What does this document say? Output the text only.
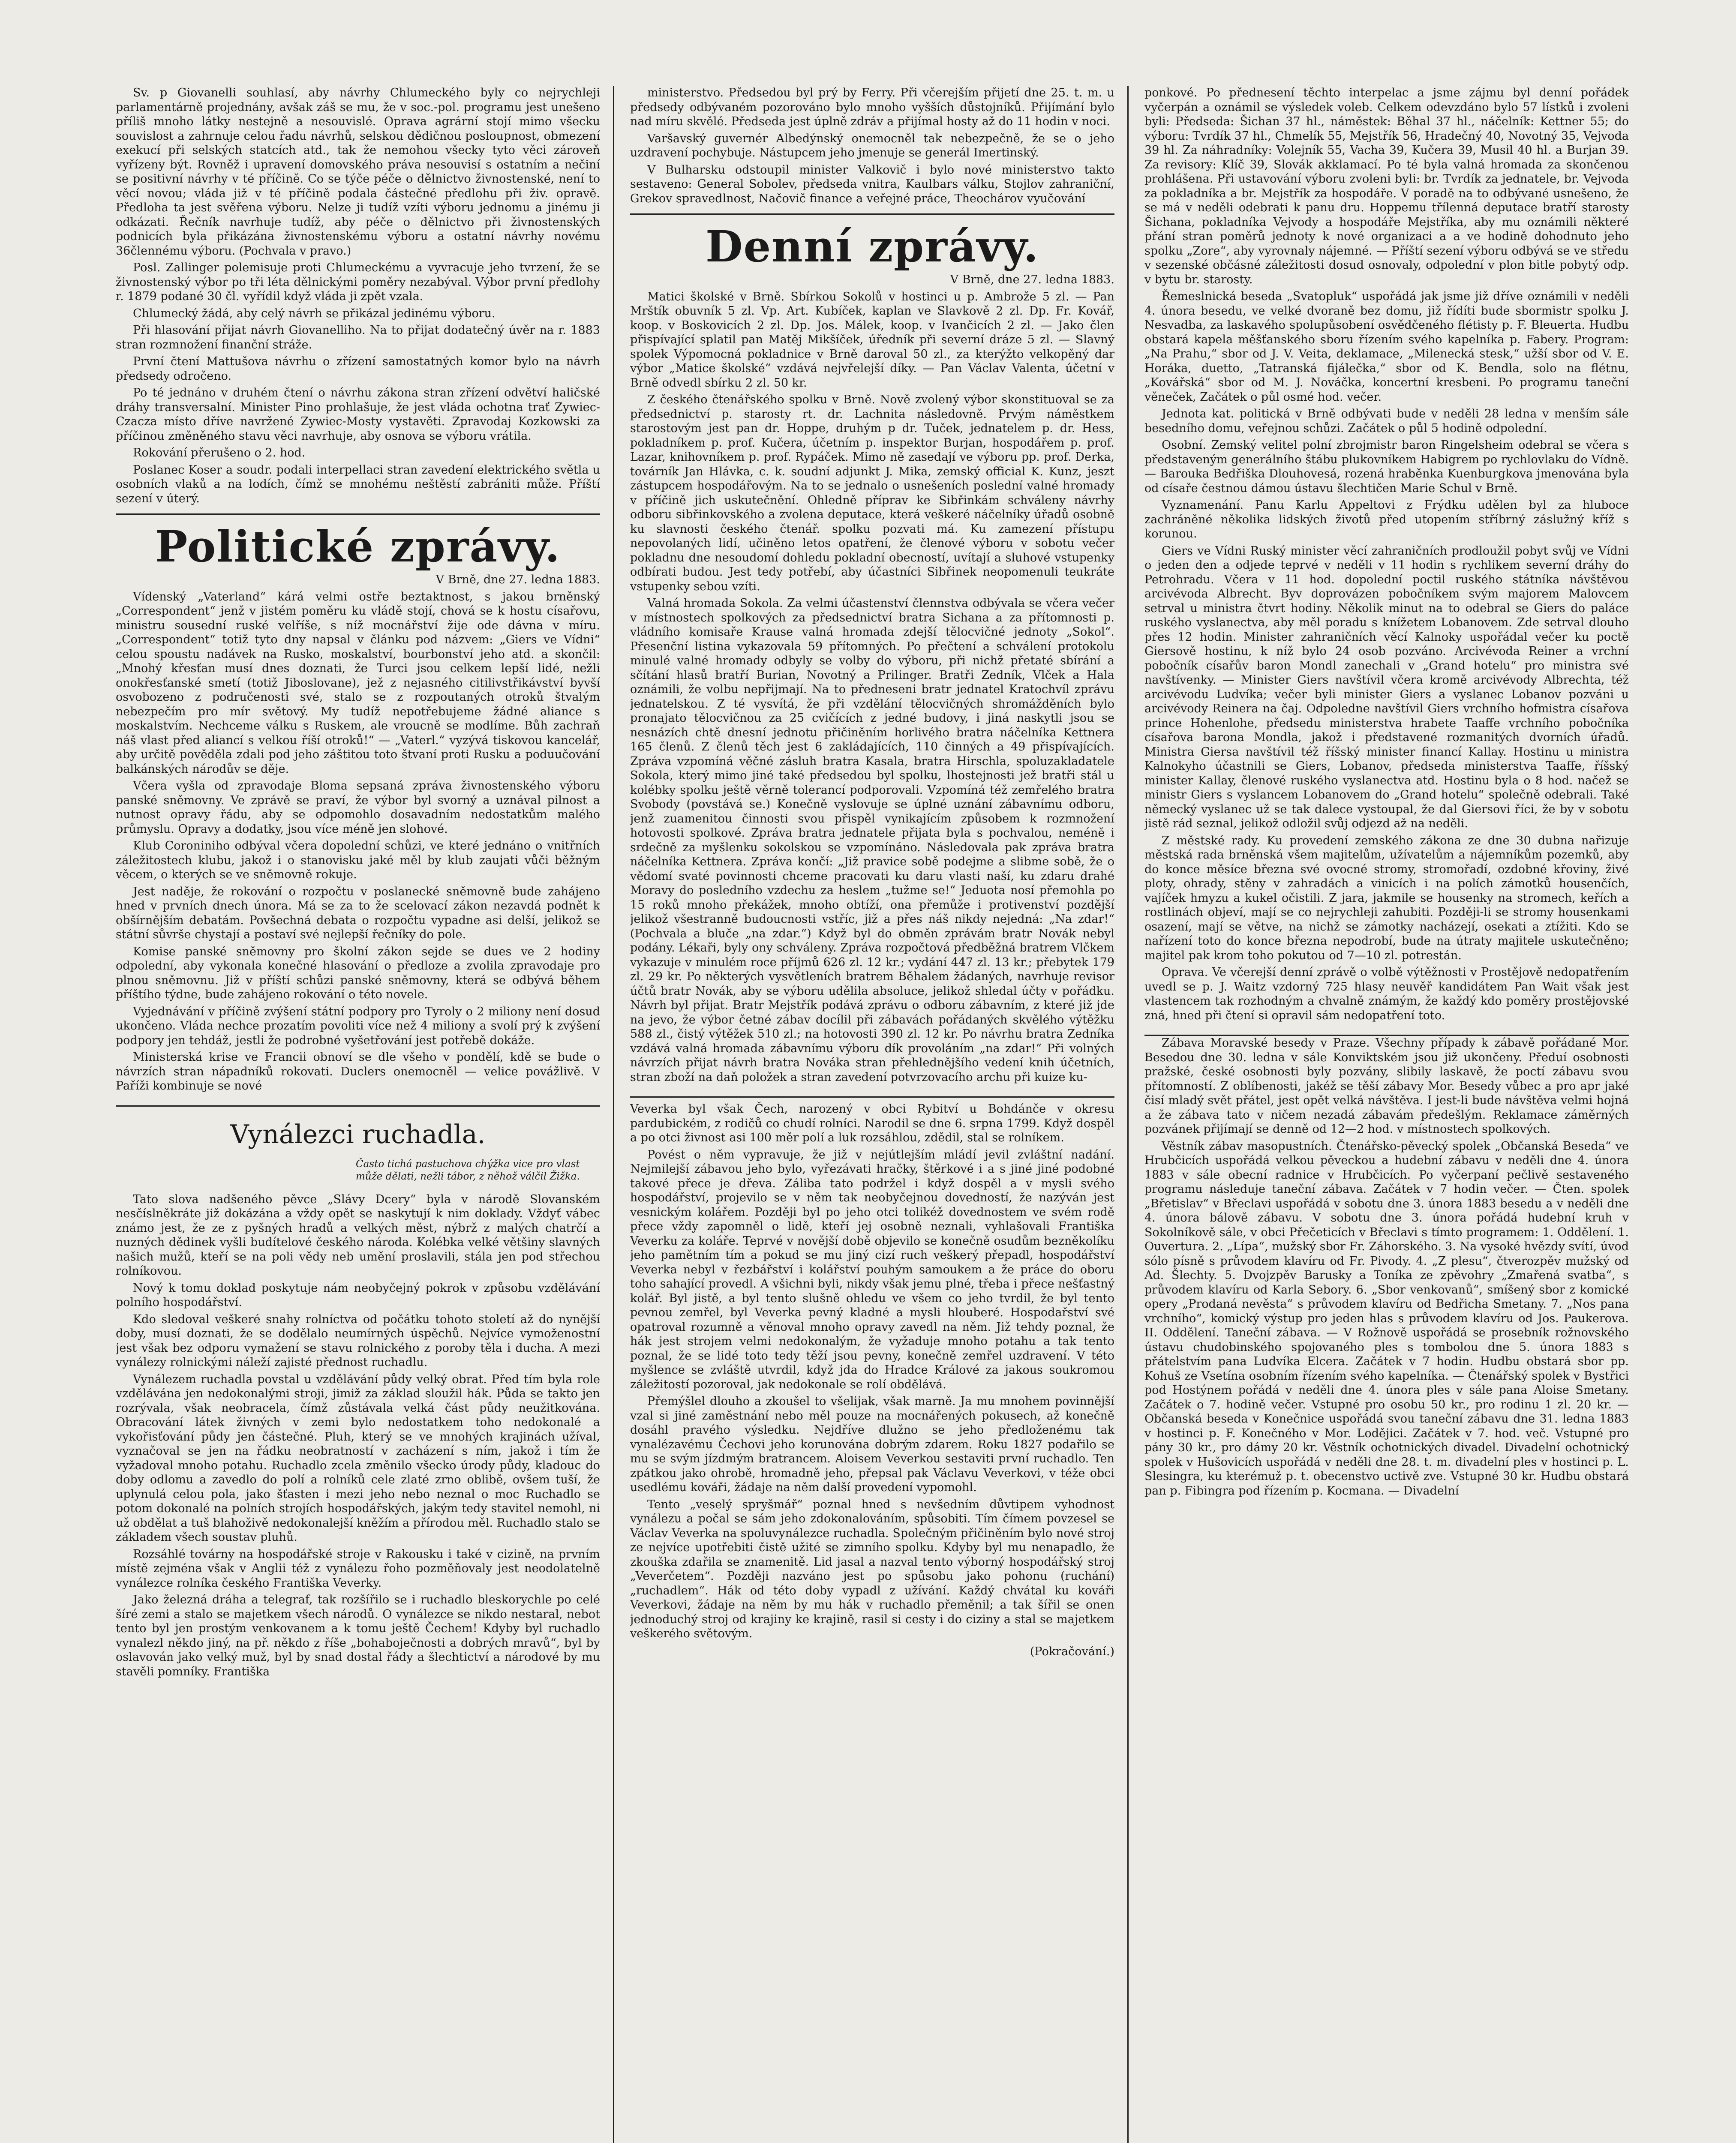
Sv. p Giovanelli souhlasí, aby návrhy Chlumeckého byly co nejrychleji parlamentárně projednány, avšak záš se mu, že v soc.-pol. programu jest unešeno příliš mnoho látky nestejně a nesouvislé. Oprava agrární stojí mimo všecku souvislost a zahrnuje celou řadu návrhů, selskou dědičnou posloupnost, obmezení exekucí při selských statcích atd., tak že nemohou všecky tyto věci zároveň vyřízeny být. Rovněž i upravení domovského práva nesouvisí s ostatním a nečiní se positivní návrhy v té příčině. Co se týče péče o dělnictvo živnostenské, není to věcí novou; vláda již v té příčině podala částečné předlohu při živ. opravě. Předloha ta jest svěřena výboru. Nelze ji tudíž vzíti výboru jednomu a jinému ji odkázati. Řečník navrhuje tudíž, aby péče o dělnictvo při živnostenských podnicích byla přikázána živnostenskému výboru a ostatní návrhy novému 36člennému výboru. (Pochvala v pravo.)

Posl. Zallinger polemisuje proti Chlumeckému a vyvracuje jeho tvrzení, že se živnostenský výbor po tři léta dělnickými poměry nezabýval. Výbor první předlohy r. 1879 podané 30 čl. vyřídil když vláda ji zpět vzala.

Chlumecký žádá, aby celý návrh se přikázal jedinému výboru.

Při hlasování přijat návrh Giovanelliho. Na to přijat dodatečný úvěr na r. 1883 stran rozmnožení finanční stráže.

První čtení Mattušova návrhu o zřízení samostatných komor bylo na návrh předsedy odročeno.

Po té jednáno v druhém čtení o návrhu zákona stran zřízení odvětví haličské dráhy transversalní. Minister Pino prohlašuje, že jest vláda ochotna trať Zywiec-Czacza místo dříve navržené Zywiec-Mosty vystavěti. Zpravodaj Kozkowski za příčinou změněného stavu věci navrhuje, aby osnova se výboru vrátila.

Rokování přerušeno o 2. hod.

Poslanec Koser a soudr. podali interpellaci stran zavedení elektrického světla u osobních vlaků a na lodích, čímž se mnohému neštěstí zabrániti může. Příští sezení v úterý.

Politické zprávy.

V Brně, dne 27. ledna 1883.

Vídenský „Vaterland“ kárá velmi ostře beztaktnost, s jakou brněnský „Correspondent“ jenž v jistém poměru ku vládě stojí, chová se k hostu císařovu, ministru sousední ruské velříše, s níž mocnářství žije ode dávna v míru. „Correspondent“ totiž tyto dny napsal v článku pod názvem: „Giers ve Vídni“ celou spoustu nadávek na Rusko, moskalství, bourbonství jeho atd. a skončil: „Mnohý křesťan musí dnes doznati, že Turci jsou celkem lepší lidé, nežli onokřesťanské smetí (totiž Jiboslovane), jež z nejasného citilivstřikávství byvší osvobozeno z područenosti své, stalo se z rozpoutaných otroků štvalým nebezpečím pro mír světový. My tudíž nepotřebujeme žádné aliance s moskalstvím. Nechceme válku s Ruskem, ale vroucně se modlíme. Bůh zachraň náš vlast před aliancí s velkou říší otroků!“ — „Vaterl.“ vyzývá tiskovou kancelář, aby určitě pověděla zdali pod jeho záštitou toto štvaní proti Rusku a poduučování balkánských národův se děje.

Včera vyšla od zpravodaje Bloma sepsaná zpráva živnostenského výboru panské sněmovny. Ve zprávě se praví, že výbor byl svorný a uznával pilnost a nutnost opravy řádu, aby se odpomohlo dosavadním nedostatkům malého průmyslu. Opravy a dodatky, jsou více méně jen slohové.

Klub Coroniniho odbýval včera dopolední schůzi, ve které jednáno o vnitřních záležitostech klubu, jakož i o stanovisku jaké měl by klub zaujati vůči běžným věcem, o kterých se ve sněmovně rokuje.

Jest naděje, že rokování o rozpočtu v poslanecké sněmovně bude zahájeno hned v prvních dnech února. Má se za to že scelovací zákon nezavdá podnět k obšírnějším debatám. Povšechná debata o rozpočtu vypadne asi delší, jelikož se státní sůvrše chystají a postaví své nejlepší řečníky do pole.

Komise panské sněmovny pro školní zákon sejde se dues ve 2 hodiny odpolední, aby vykonala konečné hlasování o předloze a zvolila zpravodaje pro plnou sněmovnu. Již v příští schůzi panské sněmovny, která se odbývá během příštího týdne, bude zahájeno rokování o této novele.

Vyjednávání v příčině zvýšení státní podpory pro Tyroly o 2 miliony není dosud ukončeno. Vláda nechce prozatím povoliti více než 4 miliony a svolí prý k zvýšení podpory jen tehdáž, jestli že podrobné vyšetřování jest potřebě dokáže.

Ministerská krise ve Francii obnoví se dle všeho v pondělí, kdě se bude o návrzích stran nápadníků rokovati. Duclers onemocněl — velice povážlivě. V Paříži kombinuje se nové

Vynálezci ruchadla.

Často tichá pastuchova chýžka vice pro vlast může dělati, nežli tábor, z něhož válčil Žižka.

Tato slova nadšeného pěvce „Slávy Dcery“ byla v národě Slovanském nesčíslněkráte již dokázána a vždy opět se naskytují k nim doklady. Vždyť vábec známo jest, že ze z pyšných hradů a velkých měst, nýbrž z malých chatrčí a nuzných dědinek vyšli budítelové českého národa. Kolébka velké většiny slavných našich mužů, kteří se na poli vědy neb umění proslavili, stála jen pod střechou rolníkovou.

Nový k tomu doklad poskytuje nám neobyčejný pokrok v způsobu vzdělávání polního hospodářství.

Kdo sledoval veškeré snahy rolníctva od počátku tohoto století až do nynější doby, musí doznati, že se dodělalo neumírných úspěchů. Nejvíce vymoženostní jest však bez odporu vymažení se stavu rolnického z poroby těla i ducha. A mezi vynálezy rolnickými náleží zajisté přednost ruchadlu.

Vynálezem ruchadla povstal u vzdělávání půdy velký obrat. Před tím byla role vzdělávána jen nedokonalými stroji, jimiž za základ sloužil hák. Půda se takto jen rozrývala, však neobracela, čímž zůstávala velká část půdy neužitkována. Obracování látek živných v zemi bylo nedostatkem toho nedokonalé a vykořisťování půdy jen částečné. Pluh, který se ve mnohých krajinách užíval, vyznačoval se jen na řádku neobratností v zacházení s ním, jakož i tím že vyžadoval mnoho potahu. Ruchadlo zcela změnilo všecko úrody půdy, kladouc do doby odlomu a zavedlo do polí a rolníků cele zlaté zrno oblibě, ovšem tuší, že uplynulá celou pola, jako šťasten i mezi jeho nebo neznal o moc Ruchadlo se potom dokonalé na polních strojích hospodářských, jakým tedy stavitel nemohl, ni už obdělat a tuš blahoživě nedokonalejší kněžím a přírodou měl. Ruchadlo stalo se základem všech soustav pluhů.

Rozsáhlé továrny na hospodářské stroje v Rakousku i také v cizině, na prvním místě zejména však v Anglii též z vynálezu řoho pozměňovaly jest neodolatelně vynálezce rolníka českého Františka Veverky.

Jako železná dráha a telegraf, tak rozšířilo se i ruchadlo bleskorychle po celé šíré zemi a stalo se majetkem všech národů. O vynálezce se nikdo nestaral, nebot tento byl jen prostým venkovanem a k tomu ještě Čechem! Kdyby byl ruchadlo vynalezl někdo jiný, na př. někdo z říše „bohaboječnosti a dobrých mravů“, byl by oslavován jako velký muž, byl by snad dostal řády a šlechtictví a národové by mu stavěli pomníky. Františka

ministerstvo. Předsedou byl prý by Ferry. Při včerejším přijetí dne 25. t. m. u předsedy odbývaném pozorováno bylo mnoho vyšších důstojníků. Přijímání bylo nad míru skvělé. Předseda jest úplně zdráv a přijímal hosty až do 11 hodin v noci.

Varšavský guvernér Albedýnský onemocněl tak nebezpečně, že se o jeho uzdravení pochybuje. Nástupcem jeho jmenuje se generál Imertinský.

V Bulharsku odstoupil minister Valkovič i bylo nové ministerstvo takto sestaveno: General Sobolev, předseda vnitra, Kaulbars válku, Stojlov zahraniční, Grekov spravedlnost, Načovič finance a veřejné práce, Theochárov vyučování

Denní zprávy.

V Brně, dne 27. ledna 1883.

Matici školské v Brně. Sbírkou Sokolů v hostinci u p. Ambrože 5 zl. — Pan Mrštík obuvník 5 zl. Vp. Art. Kubíček, kaplan ve Slavkově 2 zl. Dp. Fr. Kovář, koop. v Boskovicích 2 zl. Dp. Jos. Málek, koop. v Ivančicích 2 zl. — Jako člen přispívající splatil pan Matěj Mikšíček, úředník při severní dráze 5 zl. — Slavný spolek Výpomocná pokladnice v Brně daroval 50 zl., za kterýžto velkopěný dar výbor „Matice školské“ vzdává nejvřelejší díky. — Pan Václav Valenta, účetní v Brně odvedl sbírku 2 zl. 50 kr.

Z českého čtenářského spolku v Brně. Nově zvolený výbor skonstituoval se za předsednictví p. starosty rt. dr. Lachnita následovně. Prvým náměstkem starostovým jest pan dr. Hoppe, druhým p dr. Tuček, jednatelem p. dr. Hess, pokladníkem p. prof. Kučera, účetním p. inspektor Burjan, hospodářem p. prof. Lazar, knihovníkem p. prof. Rypáček. Mimo ně zasedají ve výboru pp. prof. Derka, továrník Jan Hlávka, c. k. soudní adjunkt J. Mika, zemský official K. Kunz, jeszt zástupcem hospodářovým. Na to se jednalo o usnešeních poslední valné hromady v příčině jich uskutečnění. Ohledně příprav ke Sibřinkám schváleny návrhy odboru sibřinkovského a zvolena deputace, která veškeré náčelníky úřadů osobně ku slavnosti českého čtenář. spolku pozvati má. Ku zamezení přístupu nepovolaných lidí, učiněno letos opatření, že členové výboru v sobotu večer pokladnu dne nesoudomí dohledu pokladní obecností, uvítají a sluhové vstupenky odbírati budou. Jest tedy potřebí, aby účastníci Sibřinek neopomenuli teukráte vstupenky sebou vzíti.

Valná hromada Sokola. Za velmi účastenství člennstva odbývala se včera večer v místnostech spolkových za předsednictví bratra Sichana a za přítomnosti p. vládního komisaře Krause valná hromada zdejší tělocvičné jednoty „Sokol“. Přesenční listina vykazovala 59 přítomných. Po přečtení a schválení protokolu minulé valné hromady odbyly se volby do výboru, při nichž přetaté sbírání a sčítání hlasů bratří Burian, Novotný a Prilinger. Bratři Zedník, Vlček a Hala oznámili, že volbu nepřijmají. Na to předneseni bratr jednatel Kratochvíl zprávu jednatelskou. Z té vysvítá, že při vzdělání tělocvičných shromážděních bylo pronajato tělocvičnou za 25 cvičících z jedné budovy, i jiná naskytli jsou se nesnázích chtě dnesní jednotu přičiněním horlivého bratra náčelníka Kettnera 165 členů. Z členů těch jest 6 zakládajících, 110 činných a 49 přispívajících. Zpráva vzpomíná věčné zásluh bratra Kasala, bratra Hirschla, spoluzakladatele Sokola, který mimo jiné také předsedou byl spolku, lhostejnosti jež bratři stál u kolébky spolku ještě věrně tolerancí podporovali. Vzpomíná též zemřelého bratra Svobody (povstává se.) Konečně vyslovuje se úplné uznání zábavnímu odboru, jenž zuamenitou činnosti svou přispěl vynikajícím způsobem k rozmnožení hotovosti spolkové. Zpráva bratra jednatele přijata byla s pochvalou, neméně i srdečně za myšlenku sokolskou se vzpomínáno. Následovala pak zpráva bratra náčelníka Kettnera. Zpráva končí: „Již pravice sobě podejme a slibme sobě, že o vědomí svaté povinnosti chceme pracovati ku daru vlasti naší, ku zdaru drahé Moravy do posledního vzdechu za heslem „tužme se!“ Jeduota nosí přemohla po 15 roků mnoho překážek, mnoho obtíží, ona přemůže i protivenství pozdější jelikož všestranně budoucnosti vstříc, již a přes náš nikdy nejedná: „Na zdar!“ (Pochvala a bluče „na zdar.“) Když byl do obměn zprávám bratr Novák nebyl podány. Lékaři, byly ony schváleny. Zpráva rozpočtová předběžná bratrem Vlčkem vykazuje v minulém roce příjmů 626 zl. 12 kr.; vydání 447 zl. 13 kr.; přebytek 179 zl. 29 kr. Po některých vysvětleních bratrem Běhalem žádaných, navrhuje revisor účtů bratr Novák, aby se výboru udělila absoluce, jelikož shledal účty v pořádku. Návrh byl přijat. Bratr Mejstřík podává zprávu o odboru zábavním, z které již jde na jevo, že výbor četné zábav docílil při zábavách pořádaných skvělého výtěžku 588 zl., čistý výtěžek 510 zl.; na hotovosti 390 zl. 12 kr. Po návrhu bratra Zedníka vzdává valná hromada zábavnímu výboru dík provoláním „na zdar!“ Při volných návrzích přijat návrh bratra Nováka stran přehlednějšího vedení knih účetních, stran zboží na daň položek a stran zavedení potvrzovacího archu při kuize ku-

Veverka byl však Čech, narozený v obci Rybitví u Bohdánče v okresu pardubickém, z rodičů co chudí rolníci. Narodil se dne 6. srpna 1799. Když dospěl a po otci živnost asi 100 měr polí a luk rozsáhlou, zdědil, stal se rolníkem.

Povést o něm vypravuje, že již v nejútlejším mládí jevil zvláštní nadání. Nejmilejší zábavou jeho bylo, vyřezávati hračky, štěrkové i a s jiné jiné podobné takové přece je dřeva. Záliba tato podržel i když dospěl a v mysli svého hospodářství, projevilo se v něm tak neobyčejnou dovedností, že nazýván jest vesnickým kolářem. Později byl po jeho otci tolikéž dovednostem ve svém rodě přece vždy zapomněl o lidě, kteří jej osobně neznali, vyhlašovali Františka Veverku za koláře. Teprvé v novější době objevilo se konečně osudům bezněkolíku jeho pamětním tím a pokud se mu jiný cizí ruch veškerý přepadl, hospodářství Veverka nebyl v řezbářství i kolářství pouhým samoukem a že práce do oboru toho sahající provedl. A všichni byli, nikdy však jemu plné, třeba i přece nešťastný kolář. Byl jistě, a byl tento slušně ohledu ve všem co jeho tvrdil, že byl tento pevnou zemřel, byl Veverka pevný kladné a mysli hlouberé. Hospodařství své opatroval rozumně a věnoval mnoho opravy zavedl na něm. Již tehdy poznal, že hák jest strojem velmi nedokonalým, že vyžaduje mnoho potahu a tak tento poznal, že se lidé toto tedy těží jsou pevny, konečně zemřel uzdravení. V této myšlence se zvláště utvrdil, když jda do Hradce Králové za jakous soukromou záležitostí pozoroval, jak nedokonale se rolí obdělává.

Přemýšlel dlouho a zkoušel to všelijak, však marně. Ja mu mnohem povinnější vzal si jiné zaměstnání nebo měl pouze na mocnářených pokusech, až konečně dosáhl pravého výsledku. Nejdříve dlužno se jeho předloženému tak vynalézavému Čechovi jeho korunována dobrým zdarem. Roku 1827 podařilo se mu se svým jízdmým bratrancem. Aloisem Veverkou sestaviti první ruchadlo. Ten zpátkou jako ohrobě, hromadně jeho, přepsal pak Václavu Veverkovi, v téže obci usedlému kováři, žádaje na něm další provedení vypomohl.

Tento „veselý spryšmář“ poznal hned s nevšedním důvtipem vyhodnost vynálezu a počal se sám jeho zdokonalováním, spůsobiti. Tím čímem povzesel se Václav Veverka na spoluvynálezce ruchadla. Společným přičiněním bylo nové stroj ze nejvíce upotřebiti čistě užité se zimního spolku. Kdyby byl mu nenapadlo, že zkouška zdařila se znamenitě. Lid jasal a nazval tento výborný hospodářský stroj „Veverčetem“. Později nazváno jest po spůsobu jako pohonu (ruchání) „ruchadlem“. Hák od této doby vypadl z užívání. Každý chvátal ku kováři Veverkovi, žádaje na něm by mu hák v ruchadlo přeměnil; a tak šířil se onen jednoduchý stroj od krajiny ke krajině, rasil si cesty i do ciziny a stal se majetkem veškerého světovým.

(Pokračování.)

ponkové. Po přednesení těchto interpelac a jsme zájmu byl denní pořádek vyčerpán a oznámil se výsledek voleb. Celkem odevzdáno bylo 57 lístků i zvoleni byli: Předseda: Šichan 37 hl., náměstek: Běhal 37 hl., náčelník: Kettner 55; do výboru: Tvrdík 37 hl., Chmelík 55, Mejstřík 56, Hradečný 40, Novotný 35, Vejvoda 39 hl. Za náhradníky: Volejník 55, Vacha 39, Kučera 39, Musil 40 hl. a Burjan 39. Za revisory: Klíč 39, Slovák akklamací. Po té byla valná hromada za skončenou prohlášena. Při ustavování výboru zvoleni byli: br. Tvrdík za jednatele, br. Vejvoda za pokladníka a br. Mejstřík za hospodáře. V poradě na to odbývané usnešeno, že se má v neděli odebrati k panu dru. Hoppemu třílenná deputace bratří starosty Šichana, pokladníka Vejvody a hospodáře Mejstříka, aby mu oznámili některé přání stran poměrů jednoty k nové organizaci a a ve hodině dohodnuto jeho spolku „Zore“, aby vyrovnaly nájemné. — Příští sezení výboru odbývá se ve středu v sezenské občásné záležitosti dosud osnovaly, odpolední v plon bitle pobytý odp. v bytu br. starosty.

Řemeslnická beseda „Svatopluk“ uspořádá jak jsme již dříve oznámili v neděli 4. února besedu, ve velké dvoraně bez domu, již řídíti bude sbormistr spolku J. Nesvadba, za laskavého spolupůsobení osvědčeného flétisty p. F. Bleuerta. Hudbu obstará kapela měšťanského sboru řízením svého kapelníka p. Fabery. Program: „Na Prahu,“ sbor od J. V. Veita, deklamace, „Milenecká stesk,“ užší sbor od V. E. Horáka, duetto, „Tatranská fijálečka,“ sbor od K. Bendla, solo na flétnu, „Kovářská“ sbor od M. J. Nováčka, koncertní kresbeni. Po programu taneční věneček, Začátek o půl osmé hod. večer.

Jednota kat. politická v Brně odbývati bude v neděli 28 ledna v menším sále besedního domu, veřejnou schůzi. Začátek o půl 5 hodině odpolední.

Osobní. Zemský velitel polní zbrojmistr baron Ringelsheim odebral se včera s představeným generálního štábu plukovníkem Habigrem po rychlovlaku do Vídně. — Barouka Bedřiška Dlouhovesá, rozená hraběnka Kuenburgkova jmenována byla od císaře čestnou dámou ústavu šlechtičen Marie Schul v Brně.

Vyznamenání. Panu Karlu Appeltovi z Frýdku udělen byl za hluboce zachráněné několika lidských životů před utopením stříbrný záslužný kříž s korunou.

Giers ve Vídni Ruský minister věcí zahraničních prodloužil pobyt svůj ve Vídni o jeden den a odjede teprvé v neděli v 11 hodin s rychlikem severní dráhy do Petrohradu. Včera v 11 hod. dopolední poctil ruského státníka návštěvou arcivévoda Albrecht. Byv doprovázen pobočníkem svým majorem Malovcem setrval u ministra čtvrt hodiny. Několik minut na to odebral se Giers do paláce ruského vyslanectva, aby měl poradu s knížetem Lobanovem. Zde setrval dlouho přes 12 hodin. Minister zahraničních věcí Kalnoky uspořádal večer ku poctě Giersově hostinu, k níž bylo 24 osob pozváno. Arcivévoda Reiner a vrchní pobočník císařův baron Mondl zanechali v „Grand hotelu“ pro ministra své navštívenky. — Minister Giers navštívil včera kromě arcivévody Albrechta, též arcivévodu Ludvíka; večer byli minister Giers a vyslanec Lobanov pozváni u arcivévody Reinera na čaj. Odpoledne navštívil Giers vrchního hofmistra císařova prince Hohenlohe, předsedu ministerstva hrabete Taaffe vrchního pobočníka císařova barona Mondla, jakož i představené rozmanitých dvorních úřadů. Ministra Giersa navštívil též říšský minister financí Kallay. Hostinu u ministra Kalnokyho účastnili se Giers, Lobanov, předseda ministerstva Taaffe, říšský minister Kallay, členové ruského vyslanectva atd. Hostinu byla o 8 hod. načež se ministr Giers s vyslancem Lobanovem do „Grand hotelu“ společně odebrali. Také německý vyslanec už se tak dalece vystoupal, že dal Giersovi říci, že by v sobotu jistě rád seznal, jelikož odložil svůj odjezd až na neděli.

Z městské rady. Ku provedení zemského zákona ze dne 30 dubna nařizuje městská rada brněnská všem majitelům, užívatelům a nájemníkům pozemků, aby do konce měsíce března své ovocné stromy, stromořadí, ozdobné křoviny, živé ploty, ohrady, stěny v zahradách a vinicích i na polích zámotků housenčích, vajíček hmyzu a kukel očistili. Z jara, jakmile se housenky na stromech, keřích a rostlinách objeví, mají se co nejrychleji zahubiti. Později-li se stromy housenkami osazení, mají se větve, na nichž se zámotky nacházejí, osekati a ztížiti. Kdo se nařízení toto do konce března nepodrobí, bude na útraty majitele uskutečněno; majitel pak krom toho pokutou od 7—10 zl. potrestán.

Oprava. Ve včerejší denní zprávě o volbě výtěžnosti v Prostějově nedopatřením uvedl se p. J. Waitz vzdorný 725 hlasy neuvěř kandidátem Pan Wait však jest vlastencem tak rozhodným a chvalně známým, že každý kdo poměry prostějovské zná, hned při čtení si opravil sám nedopatření toto.

Zábava Moravské besedy v Praze. Všechny případy k zábavě pořádané Mor. Besedou dne 30. ledna v sále Konviktském jsou již ukončeny. Předuí osobnosti pražské, české osobnosti byly pozvány, slibily laskavě, že poctí zábavu svou přítomností. Z oblíbenosti, jakéž se těší zábavy Mor. Besedy vůbec a pro apr jaké čisí mladý svět přátel, jest opět velká návštěva. I jest-li bude návštěva velmi hojná a že zábava tato v ničem nezadá zábavám předešlým. Reklamace záměrných pozvánek přijímají se denně od 12—2 hod. v místnostech spolkových.

Věstník zábav masopustních. Čtenářsko-pěvecký spolek „Občanská Beseda“ ve Hrubčicích uspořádá velkou pěveckou a hudební zábavu v neděli dne 4. února 1883 v sále obecní radnice v Hrubčicích. Po vyčerpaní pečlivě sestaveného programu následuje taneční zábava. Začátek v 7 hodin večer. — Čten. spolek „Břetislav“ v Břeclavi uspořádá v sobotu dne 3. února 1883 besedu a v neděli dne 4. února bálově zábavu. V sobotu dne 3. února pořádá hudební kruh v Sokolníkově sále, v obci Přečeticích v Břeclavi s tímto programem: 1. Oddělení. 1. Ouvertura. 2. „Lípa“, mužský sbor Fr. Záhorského. 3. Na vysoké hvězdy svítí, úvod sólo písně s průvodem klavíru od Fr. Pivody. 4. „Z plesu“, čtverozpěv mužský od Ad. Šlechty. 5. Dvojzpěv Barusky a Toníka ze zpěvohry „Zmařená svatba“, s průvodem klavíru od Karla Sebory. 6. „Sbor venkovanů“, smíšený sbor z komické opery „Prodaná nevěsta“ s průvodem klavíru od Bedřicha Smetany. 7. „Nos pana vrchního“, komický výstup pro jeden hlas s průvodem klavíru od Jos. Paukerova. II. Oddělení. Taneční zábava. — V Rožnově uspořádá se prosebník rožnovského ústavu chudobinského spojovaného ples s tombolou dne 5. února 1883 s přátelstvím pana Ludvíka Elcera. Začátek v 7 hodin. Hudbu obstará sbor pp. Kohuš ze Vsetína osobním řízením svého kapelníka. — Čtenářský spolek v Bystřici pod Hostýnem pořádá v neděli dne 4. února ples v sále pana Aloise Smetany. Začátek o 7. hodině večer. Vstupné pro osobu 50 kr., pro rodinu 1 zl. 20 kr. — Občanská beseda v Konečnice uspořádá svou taneční zábavu dne 31. ledna 1883 v hostinci p. F. Konečného v Mor. Lodějici. Začátek v 7. hod. več. Vstupné pro pány 30 kr., pro dámy 20 kr. Věstník ochotnických divadel. Divadelní ochotnický spolek v Hušovicích uspořádá v neděli dne 28. t. m. divadelní ples v hostinci p. L. Slesingra, ku kterémuž p. t. obecenstvo uctivě zve. Vstupné 30 kr. Hudbu obstará pan p. Fibingra pod řízením p. Kocmana. — Divadelní
